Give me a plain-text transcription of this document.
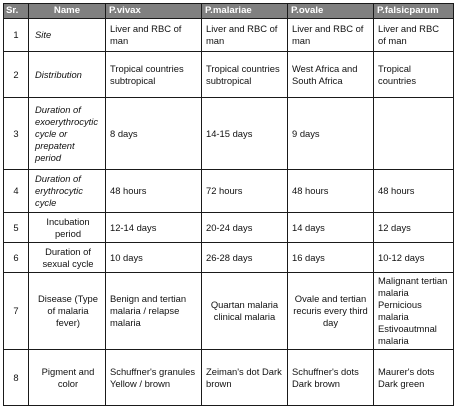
Sr.	Name	P.vivax	P.malariae	P.ovale	P.falsicparum
1	Site	Liver and RBC of man	Liver and RBC of man	Liver and RBC of man	Liver and RBC of man
2	Distribution	Tropical countries subtropical	Tropical countries subtropical	West Africa and South Africa	Tropical countries
3	Duration of exoerythrocytic cycle or prepatent period	8 days	14-15 days	9 days	
4	Duration of erythrocytic cycle	48 hours	72 hours	48 hours	48 hours
5	Incubation period	12-14 days	20-24 days	14 days	12 days
6	Duration of sexual cycle	10 days	26-28 days	16 days	10-12 days
7	Disease (Type of malaria fever)	Benign and tertian malaria / relapse malaria	Quartan malaria clinical malaria	Ovale and tertian recuris every third day	Malignant tertian malaria Pernicious malaria Estivoautmnal malaria
8	Pigment and color	Schuffner's granules Yellow / brown	Zeiman's dot Dark brown	Schuffner's dots Dark brown	Maurer's dots Dark green
